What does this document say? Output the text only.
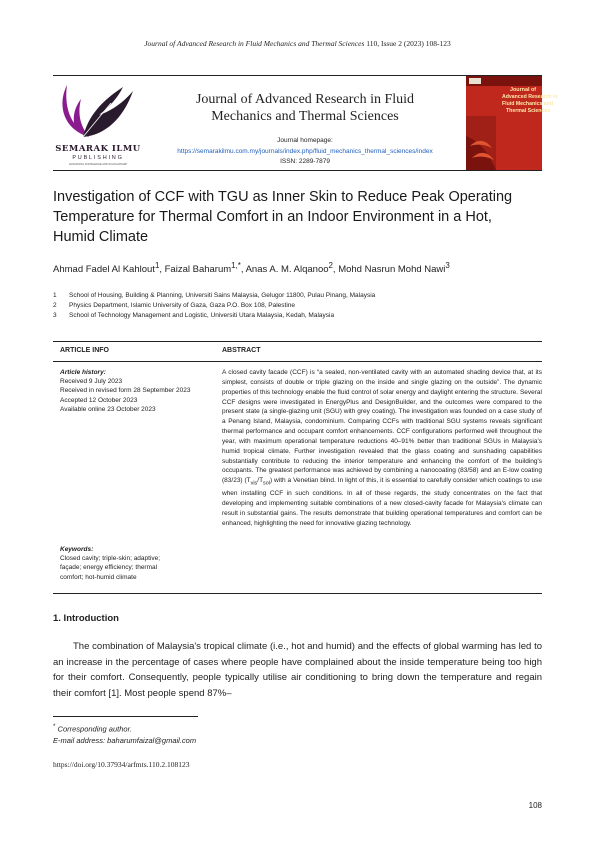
Journal of Advanced Research in Fluid Mechanics and Thermal Sciences 110, Issue 2 (2023) 108-123
SEMARAK ILMU
PUBLISHING
ADVANCING KNOWLEDGE AND SCHOLARSHIP
Journal of Advanced Research in Fluid
Mechanics and Thermal Sciences
Journal homepage:
https://semarakilmu.com.my/journals/index.php/fluid_mechanics_thermal_sciences/index
ISSN: 2289-7879
Journal of
Advanced Research in
Fluid Mechanics and
Thermal Sciences
Investigation of CCF with TGU as Inner Skin to Reduce Peak Operating
Temperature for Thermal Comfort in an Indoor Environment in a Hot,
Humid Climate
Ahmad Fadel Al Kahlout$^1$, Faizal Baharum$^{1,*}$, Anas A. M. Alqanoo$^2$, Mohd Nasrun Mohd Nawi$^3$
1 School of Housing, Building & Planning, Universiti Sains Malaysia, Gelugor 11800, Pulau Pinang, Malaysia
2 Physics Department, Islamic University of Gaza, Gaza P.O. Box 108, Palestine
3 School of Technology Management and Logistic, Universiti Utara Malaysia, Kedah, Malaysia
ARTICLE INFO	ABSTRACT
Article history:
Received 9 July 2023
Received in revised form 28 September 2023
Accepted 12 October 2023
Available online 23 October 2023
Keywords:
Closed cavity; triple-skin; adaptive;
façade; energy efficiency; thermal
comfort; hot-humid climate
A closed cavity facade (CCF) is “a sealed, non-ventilated cavity with an automated shading device that, at its simplest, consists of double or triple glazing on the inside and single glazing on the outside”. The dynamic properties of this technology enable the fluid control of solar energy and daylight entering the structure. Several CCF designs were investigated in EnergyPlus and DesignBuilder, and the outcomes were compared to the present state (a single-glazing unit (SGU) with grey coating). The investigation was founded on a case study of a Penang Island, Malaysia, condominium. Comparing CCFs with traditional SGU systems reveals significant thermal performance and occupant comfort enhancements. CCF configurations performed well throughout the year, with maximum operational temperature reductions 40–91% better than traditional SGUs in Malaysia's humid tropical climate. Further investigation revealed that the glass coating and sunshading capabilities substantially contribute to reducing the interior temperature and enhancing the comfort of the building's occupants. The greatest performance was achieved by combining a nanocoating (83/58) and an E-low coating (83/23) $(T_{vis}/T_{sol})$ with a Venetian blind. In light of this, it is essential to carefully consider which coatings to use when installing CCF in such conditions. In all of these regards, the study concentrates on the fact that developing and implementing suitable combinations of a new closed-cavity facade for Malaysia's climate can result in substantial gains. The results demonstrate that building operational temperatures and comfort can be enhanced, highlighting the need for innovative glazing technology.
1. Introduction
The combination of Malaysia's tropical climate (i.e., hot and humid) and the effects of global warming has led to an increase in the percentage of cases where people have complained about the inside temperature being too high for their comfort. Consequently, people typically utilise air conditioning to bring down the temperature and regain their comfort [1]. Most people spend 87%–
* Corresponding author.
E-mail address: baharumfaizal@gmail.com
https://doi.org/10.37934/arfmts.110.2.108123
108
